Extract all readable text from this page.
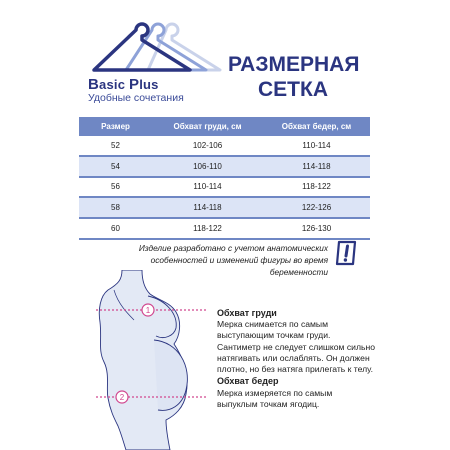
Basic Plus
Удобные сочетания
РАЗМЕРНАЯ
СЕТКА
Размер	Обхват груди, см	Обхват бедер, см
52	102-106	110-114
54	106-110	114-118
56	110-114	118-122
58	114-118	122-126
60	118-122	126-130
Изделие разработано с учетом анатомических
особенностей и изменений фигуры во время беременности
1
2
Обхват груди
Мерка снимается по самым
выступающим точкам груди.
Сантиметр не следует слишком сильно
натягивать или ослаблять. Он должен
плотно, но без натяга прилегать к телу.
Обхват бедер
Мерка измеряется по самым
выпуклым точкам ягодиц.
